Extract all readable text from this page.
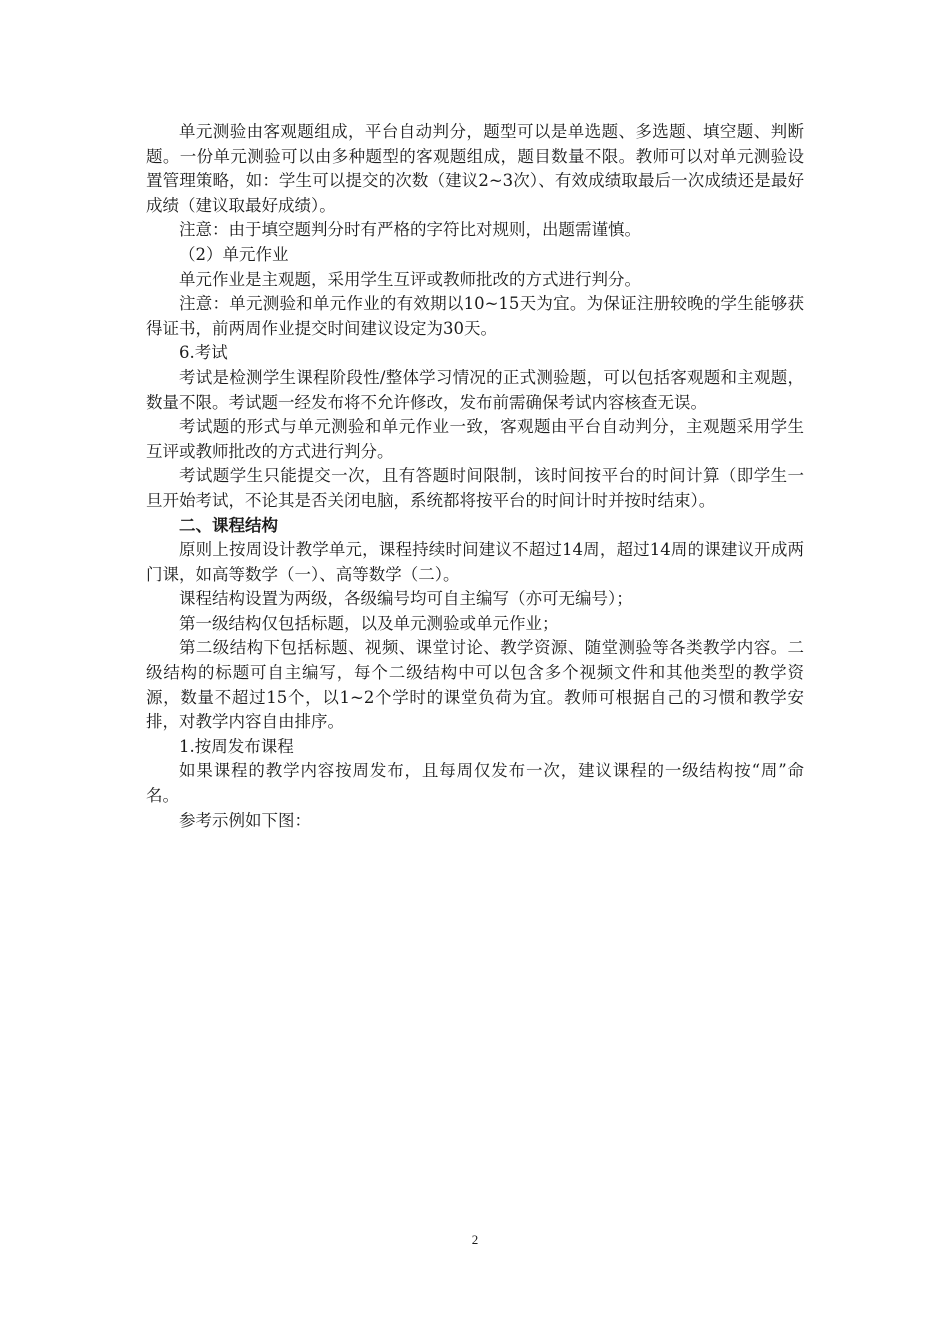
单元测验由客观题组成，平台自动判分，题型可以是单选题、多选题、填空题、判断题。一份单元测验可以由多种题型的客观题组成，题目数量不限。教师可以对单元测验设置管理策略，如：学生可以提交的次数（建议2~3次）、有效成绩取最后一次成绩还是最好成绩（建议取最好成绩）。

注意：由于填空题判分时有严格的字符比对规则，出题需谨慎。

（2）单元作业

单元作业是主观题，采用学生互评或教师批改的方式进行判分。

注意：单元测验和单元作业的有效期以10~15天为宜。为保证注册较晚的学生能够获得证书，前两周作业提交时间建议设定为30天。

6.考试

考试是检测学生课程阶段性/整体学习情况的正式测验题，可以包括客观题和主观题，数量不限。考试题一经发布将不允许修改，发布前需确保考试内容核查无误。

考试题的形式与单元测验和单元作业一致，客观题由平台自动判分，主观题采用学生互评或教师批改的方式进行判分。

考试题学生只能提交一次，且有答题时间限制，该时间按平台的时间计算（即学生一旦开始考试，不论其是否关闭电脑，系统都将按平台的时间计时并按时结束）。

二、课程结构

原则上按周设计教学单元，课程持续时间建议不超过14周，超过14周的课建议开成两门课，如高等数学（一）、高等数学（二）。

课程结构设置为两级，各级编号均可自主编写（亦可无编号）；

第一级结构仅包括标题，以及单元测验或单元作业；

第二级结构下包括标题、视频、课堂讨论、教学资源、随堂测验等各类教学内容。二级结构的标题可自主编写，每个二级结构中可以包含多个视频文件和其他类型的教学资源，数量不超过15个，以1~2个学时的课堂负荷为宜。教师可根据自己的习惯和教学安排，对教学内容自由排序。

1.按周发布课程

如果课程的教学内容按周发布，且每周仅发布一次，建议课程的一级结构按“周”命名。

参考示例如下图：

2
